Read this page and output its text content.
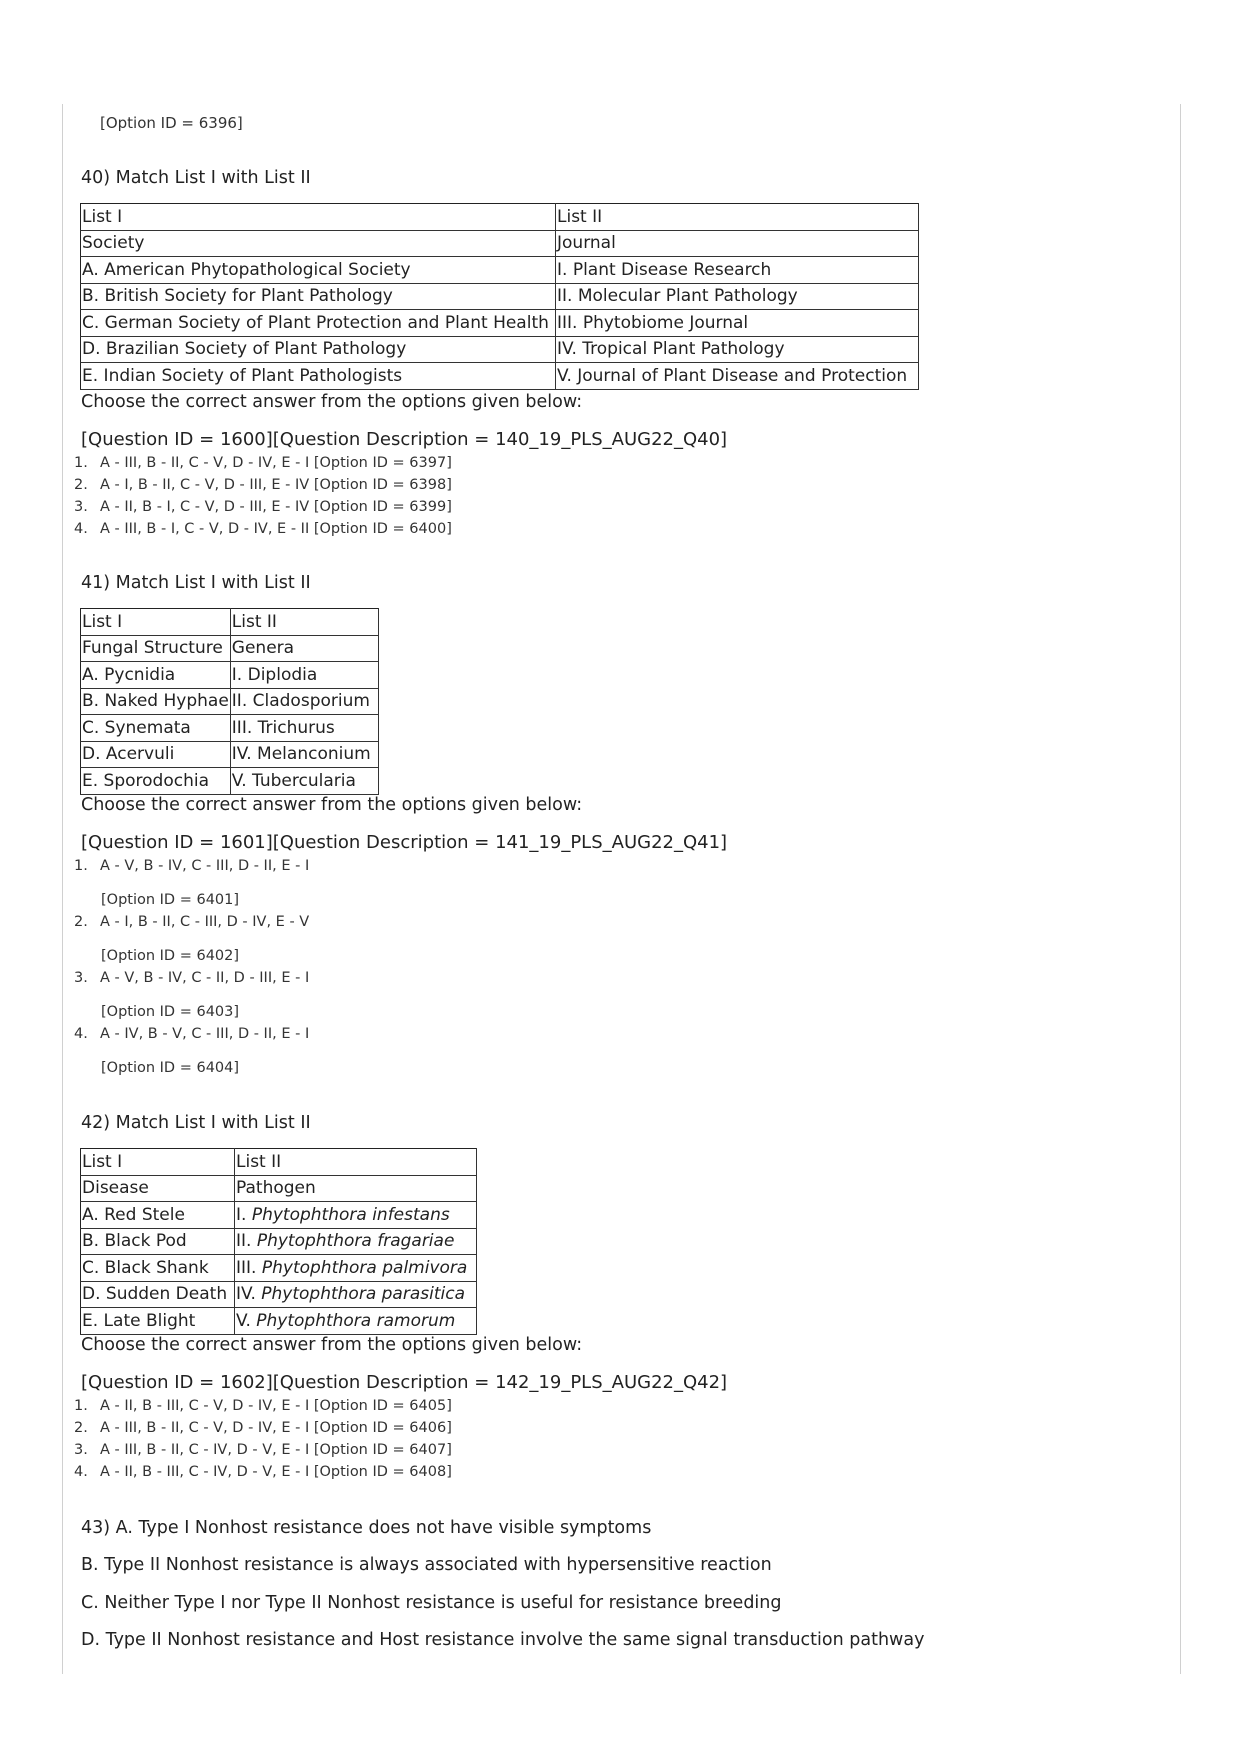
[Option ID = 6396]
40) Match List I with List II
List I	List II
Society	Journal
A. American Phytopathological Society	I. Plant Disease Research
B. British Society for Plant Pathology	II. Molecular Plant Pathology
C. German Society of Plant Protection and Plant Health	III. Phytobiome Journal
D. Brazilian Society of Plant Pathology	IV. Tropical Plant Pathology
E. Indian Society of Plant Pathologists	V. Journal of Plant Disease and Protection
Choose the correct answer from the options given below:
[Question ID = 1600][Question Description = 140_19_PLS_AUG22_Q40]
1. A - III, B - II, C - V, D - IV, E - I [Option ID = 6397]
2. A - I, B - II, C - V, D - III, E - IV [Option ID = 6398]
3. A - II, B - I, C - V, D - III, E - IV [Option ID = 6399]
4. A - III, B - I, C - V, D - IV, E - II [Option ID = 6400]
41) Match List I with List II
List I	List II
Fungal Structure	Genera
A. Pycnidia	I. Diplodia
B. Naked Hyphae	II. Cladosporium
C. Synemata	III. Trichurus
D. Acervuli	IV. Melanconium
E. Sporodochia	V. Tubercularia
Choose the correct answer from the options given below:
[Question ID = 1601][Question Description = 141_19_PLS_AUG22_Q41]
1. A - V, B - IV, C - III, D - II, E - I
[Option ID = 6401]
2. A - I, B - II, C - III, D - IV, E - V
[Option ID = 6402]
3. A - V, B - IV, C - II, D - III, E - I
[Option ID = 6403]
4. A - IV, B - V, C - III, D - II, E - I
[Option ID = 6404]
42) Match List I with List II
List I	List II
Disease	Pathogen
A. Red Stele	I. Phytophthora infestans
B. Black Pod	II. Phytophthora fragariae
C. Black Shank	III. Phytophthora palmivora
D. Sudden Death	IV. Phytophthora parasitica
E. Late Blight	V. Phytophthora ramorum
Choose the correct answer from the options given below:
[Question ID = 1602][Question Description = 142_19_PLS_AUG22_Q42]
1. A - II, B - III, C - V, D - IV, E - I [Option ID = 6405]
2. A - III, B - II, C - V, D - IV, E - I [Option ID = 6406]
3. A - III, B - II, C - IV, D - V, E - I [Option ID = 6407]
4. A - II, B - III, C - IV, D - V, E - I [Option ID = 6408]
43) A. Type I Nonhost resistance does not have visible symptoms
B. Type II Nonhost resistance is always associated with hypersensitive reaction
C. Neither Type I nor Type II Nonhost resistance is useful for resistance breeding
D. Type II Nonhost resistance and Host resistance involve the same signal transduction pathway
